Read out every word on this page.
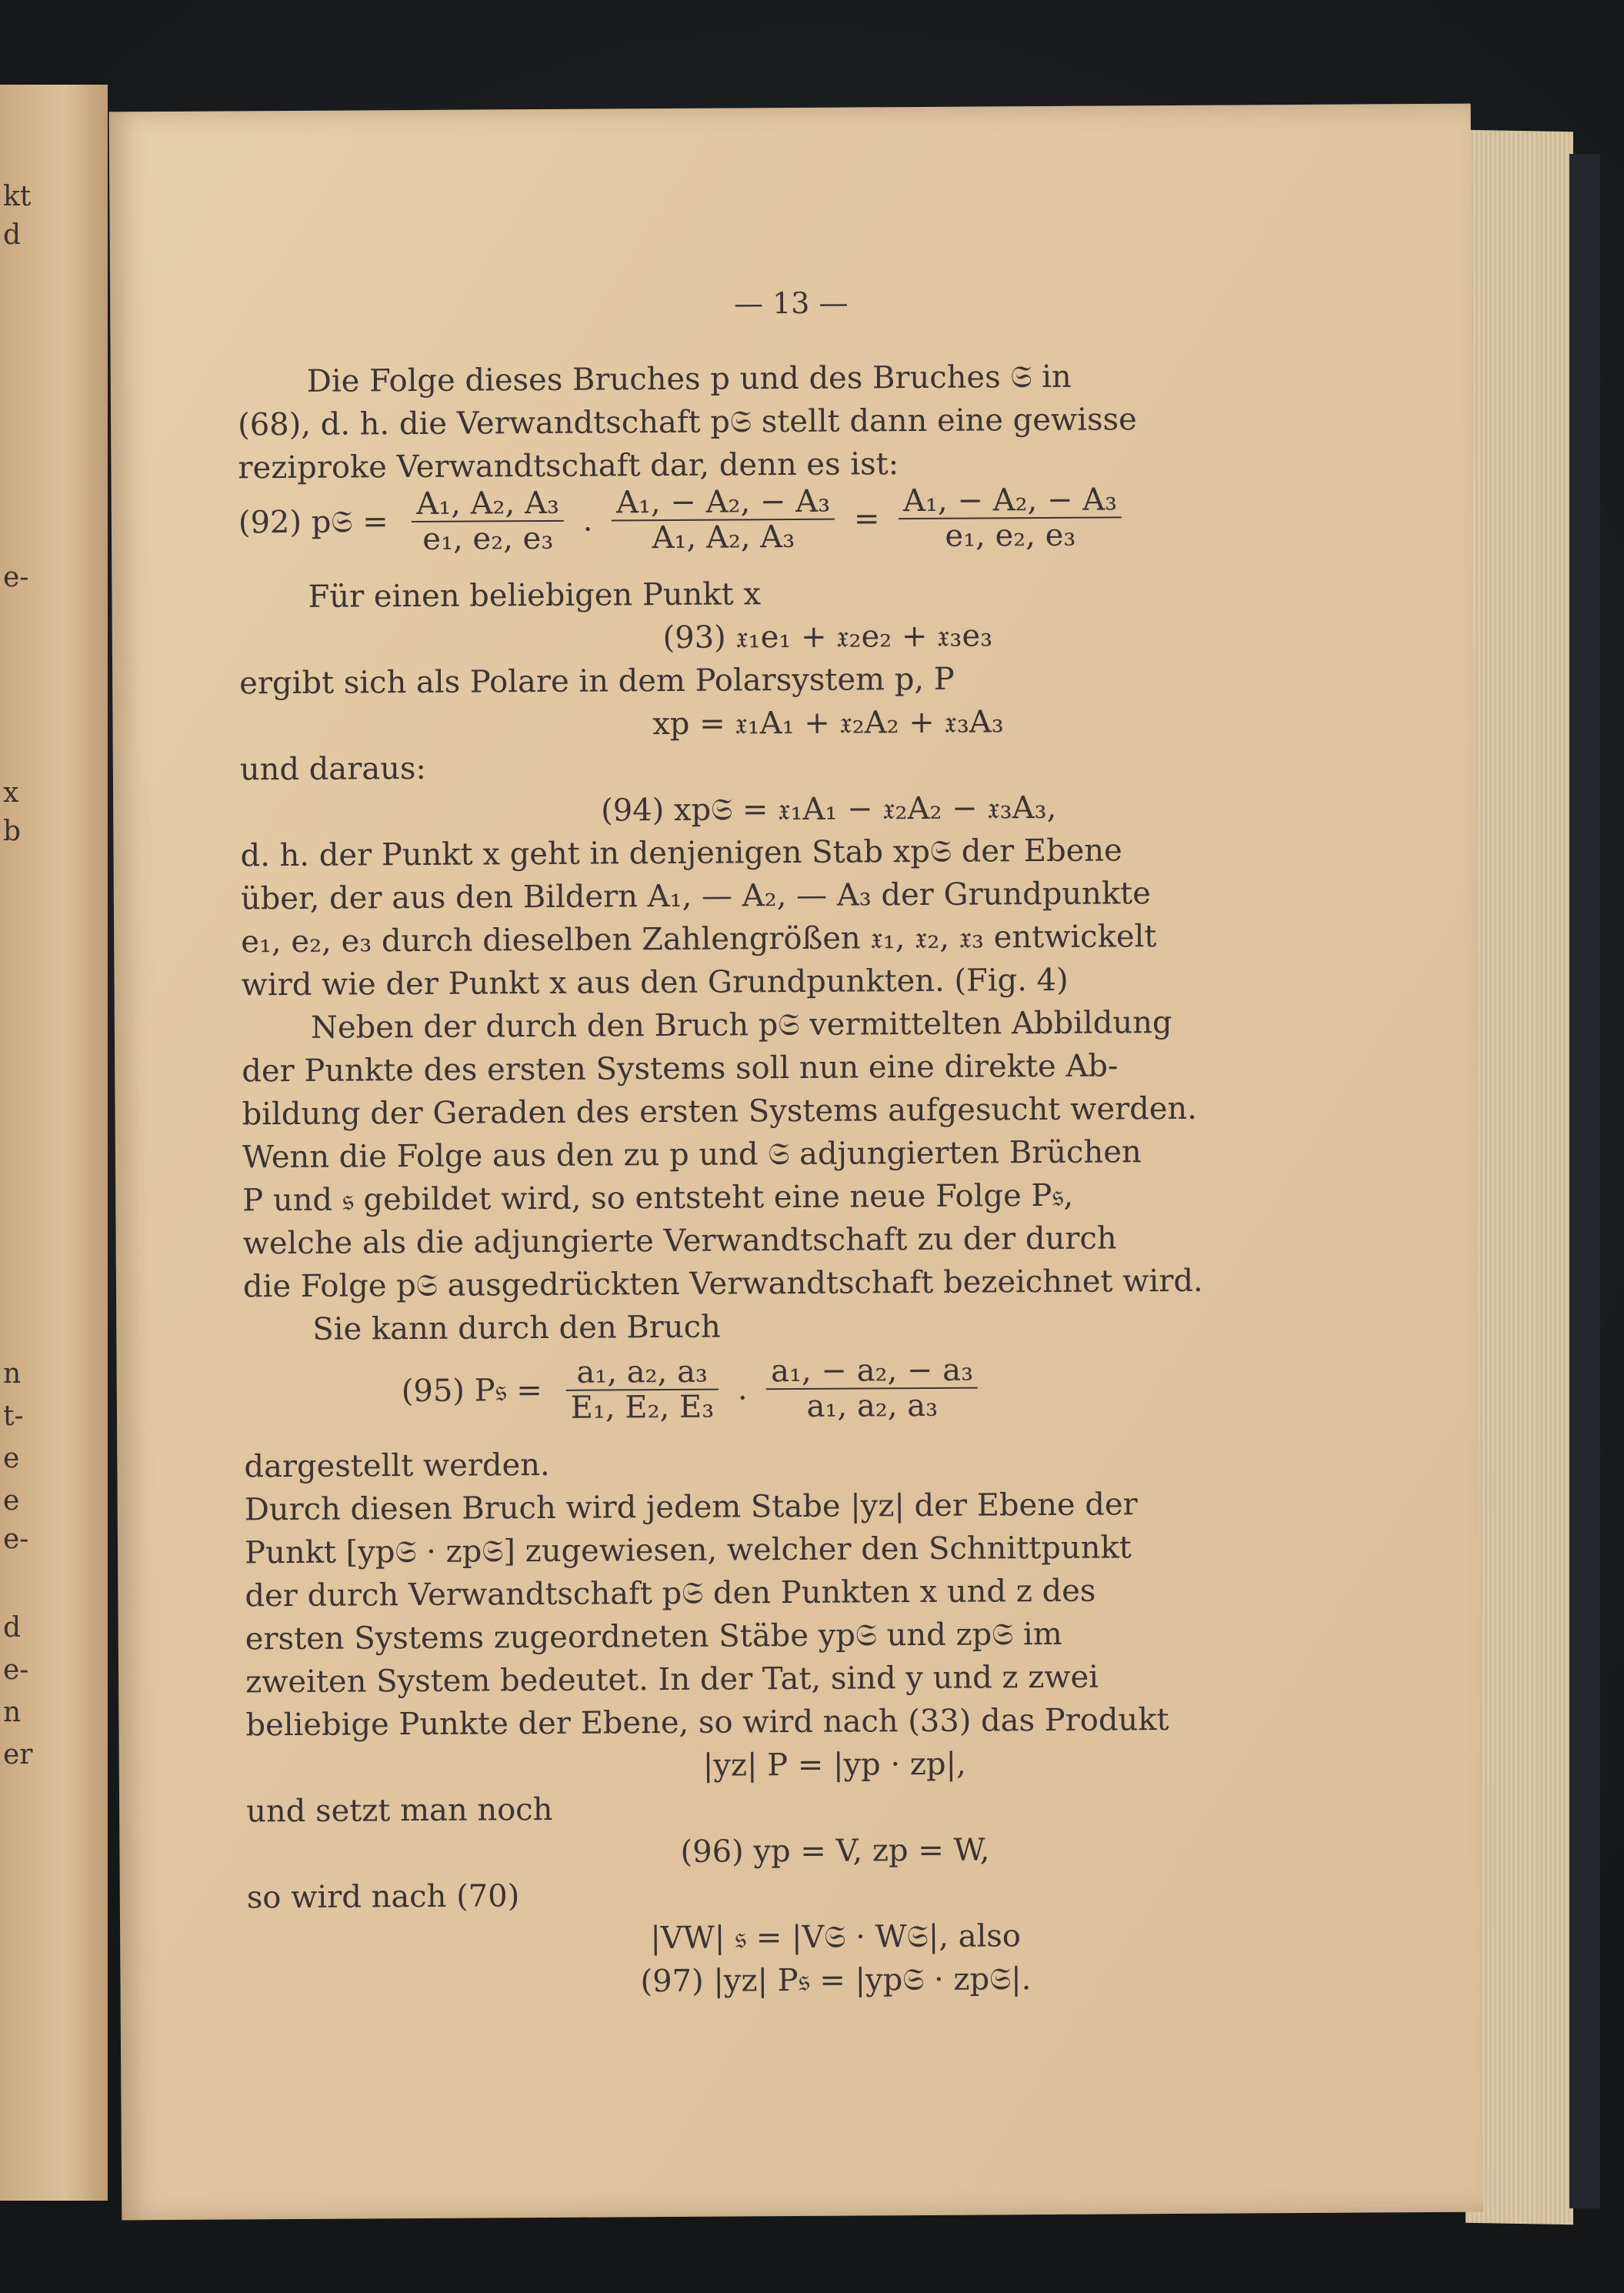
kt
d
e-
x
b
n
t-
e
e
e-
d
e-
n
er
— 13 —
Die Folge dieses Bruches p und des Bruches 𝔖 in
(68), d. h. die Verwandtschaft p𝔖 stellt dann eine gewisse
reziproke Verwandtschaft dar, denn es ist:
(92) p𝔖 = $\frac{\text{A₁, A₂, A₃}}{\text{e₁, e₂, e₃}}$ . $\frac{\text{A₁, − A₂, − A₃}}{\text{A₁, A₂, A₃}} = \frac{\text{A₁, − A₂, − A₃}}{\text{e₁, e₂, e₃}}$
Für einen beliebigen Punkt x
(93) 𝔵₁e₁ + 𝔵₂e₂ + 𝔵₃e₃
ergibt sich als Polare in dem Polarsystem p, P
xp = 𝔵₁A₁ + 𝔵₂A₂ + 𝔵₃A₃
und daraus:
(94) xp𝔖 = 𝔵₁A₁ − 𝔵₂A₂ − 𝔵₃A₃,
d. h. der Punkt x geht in denjenigen Stab xp𝔖 der Ebene
über, der aus den Bildern A₁, — A₂, — A₃ der Grundpunkte
e₁, e₂, e₃ durch dieselben Zahlengrößen 𝔵₁, 𝔵₂, 𝔵₃ entwickelt
wird wie der Punkt x aus den Grundpunkten. (Fig. 4)
Neben der durch den Bruch p𝔖 vermittelten Abbildung
der Punkte des ersten Systems soll nun eine direkte Ab-
bildung der Geraden des ersten Systems aufgesucht werden.
Wenn die Folge aus den zu p und 𝔖 adjungierten Brüchen
P und 𝔰 gebildet wird, so entsteht eine neue Folge P𝔰,
welche als die adjungierte Verwandtschaft zu der durch
die Folge p𝔖 ausgedrückten Verwandtschaft bezeichnet wird.
Sie kann durch den Bruch
(95) P𝔰 = $\frac{\text{a₁, a₂, a₃}}{\text{E₁, E₂, E₃}}$ . $\frac{\text{a₁, − a₂, − a₃}}{\text{a₁, a₂, a₃}}$
dargestellt werden.
Durch diesen Bruch wird jedem Stabe |yz| der Ebene der
Punkt [yp𝔖 · zp𝔖] zugewiesen, welcher den Schnittpunkt
der durch Verwandtschaft p𝔖 den Punkten x und z des
ersten Systems zugeordneten Stäbe yp𝔖 und zp𝔖 im
zweiten System bedeutet. In der Tat, sind y und z zwei
beliebige Punkte der Ebene, so wird nach (33) das Produkt
|yz| P = |yp · zp|,
und setzt man noch
(96) yp = V, zp = W,
so wird nach (70)
|VW| 𝔰 = |V𝔖 · W𝔖|, also
(97) |yz| P𝔰 = |yp𝔖 · zp𝔖|.
